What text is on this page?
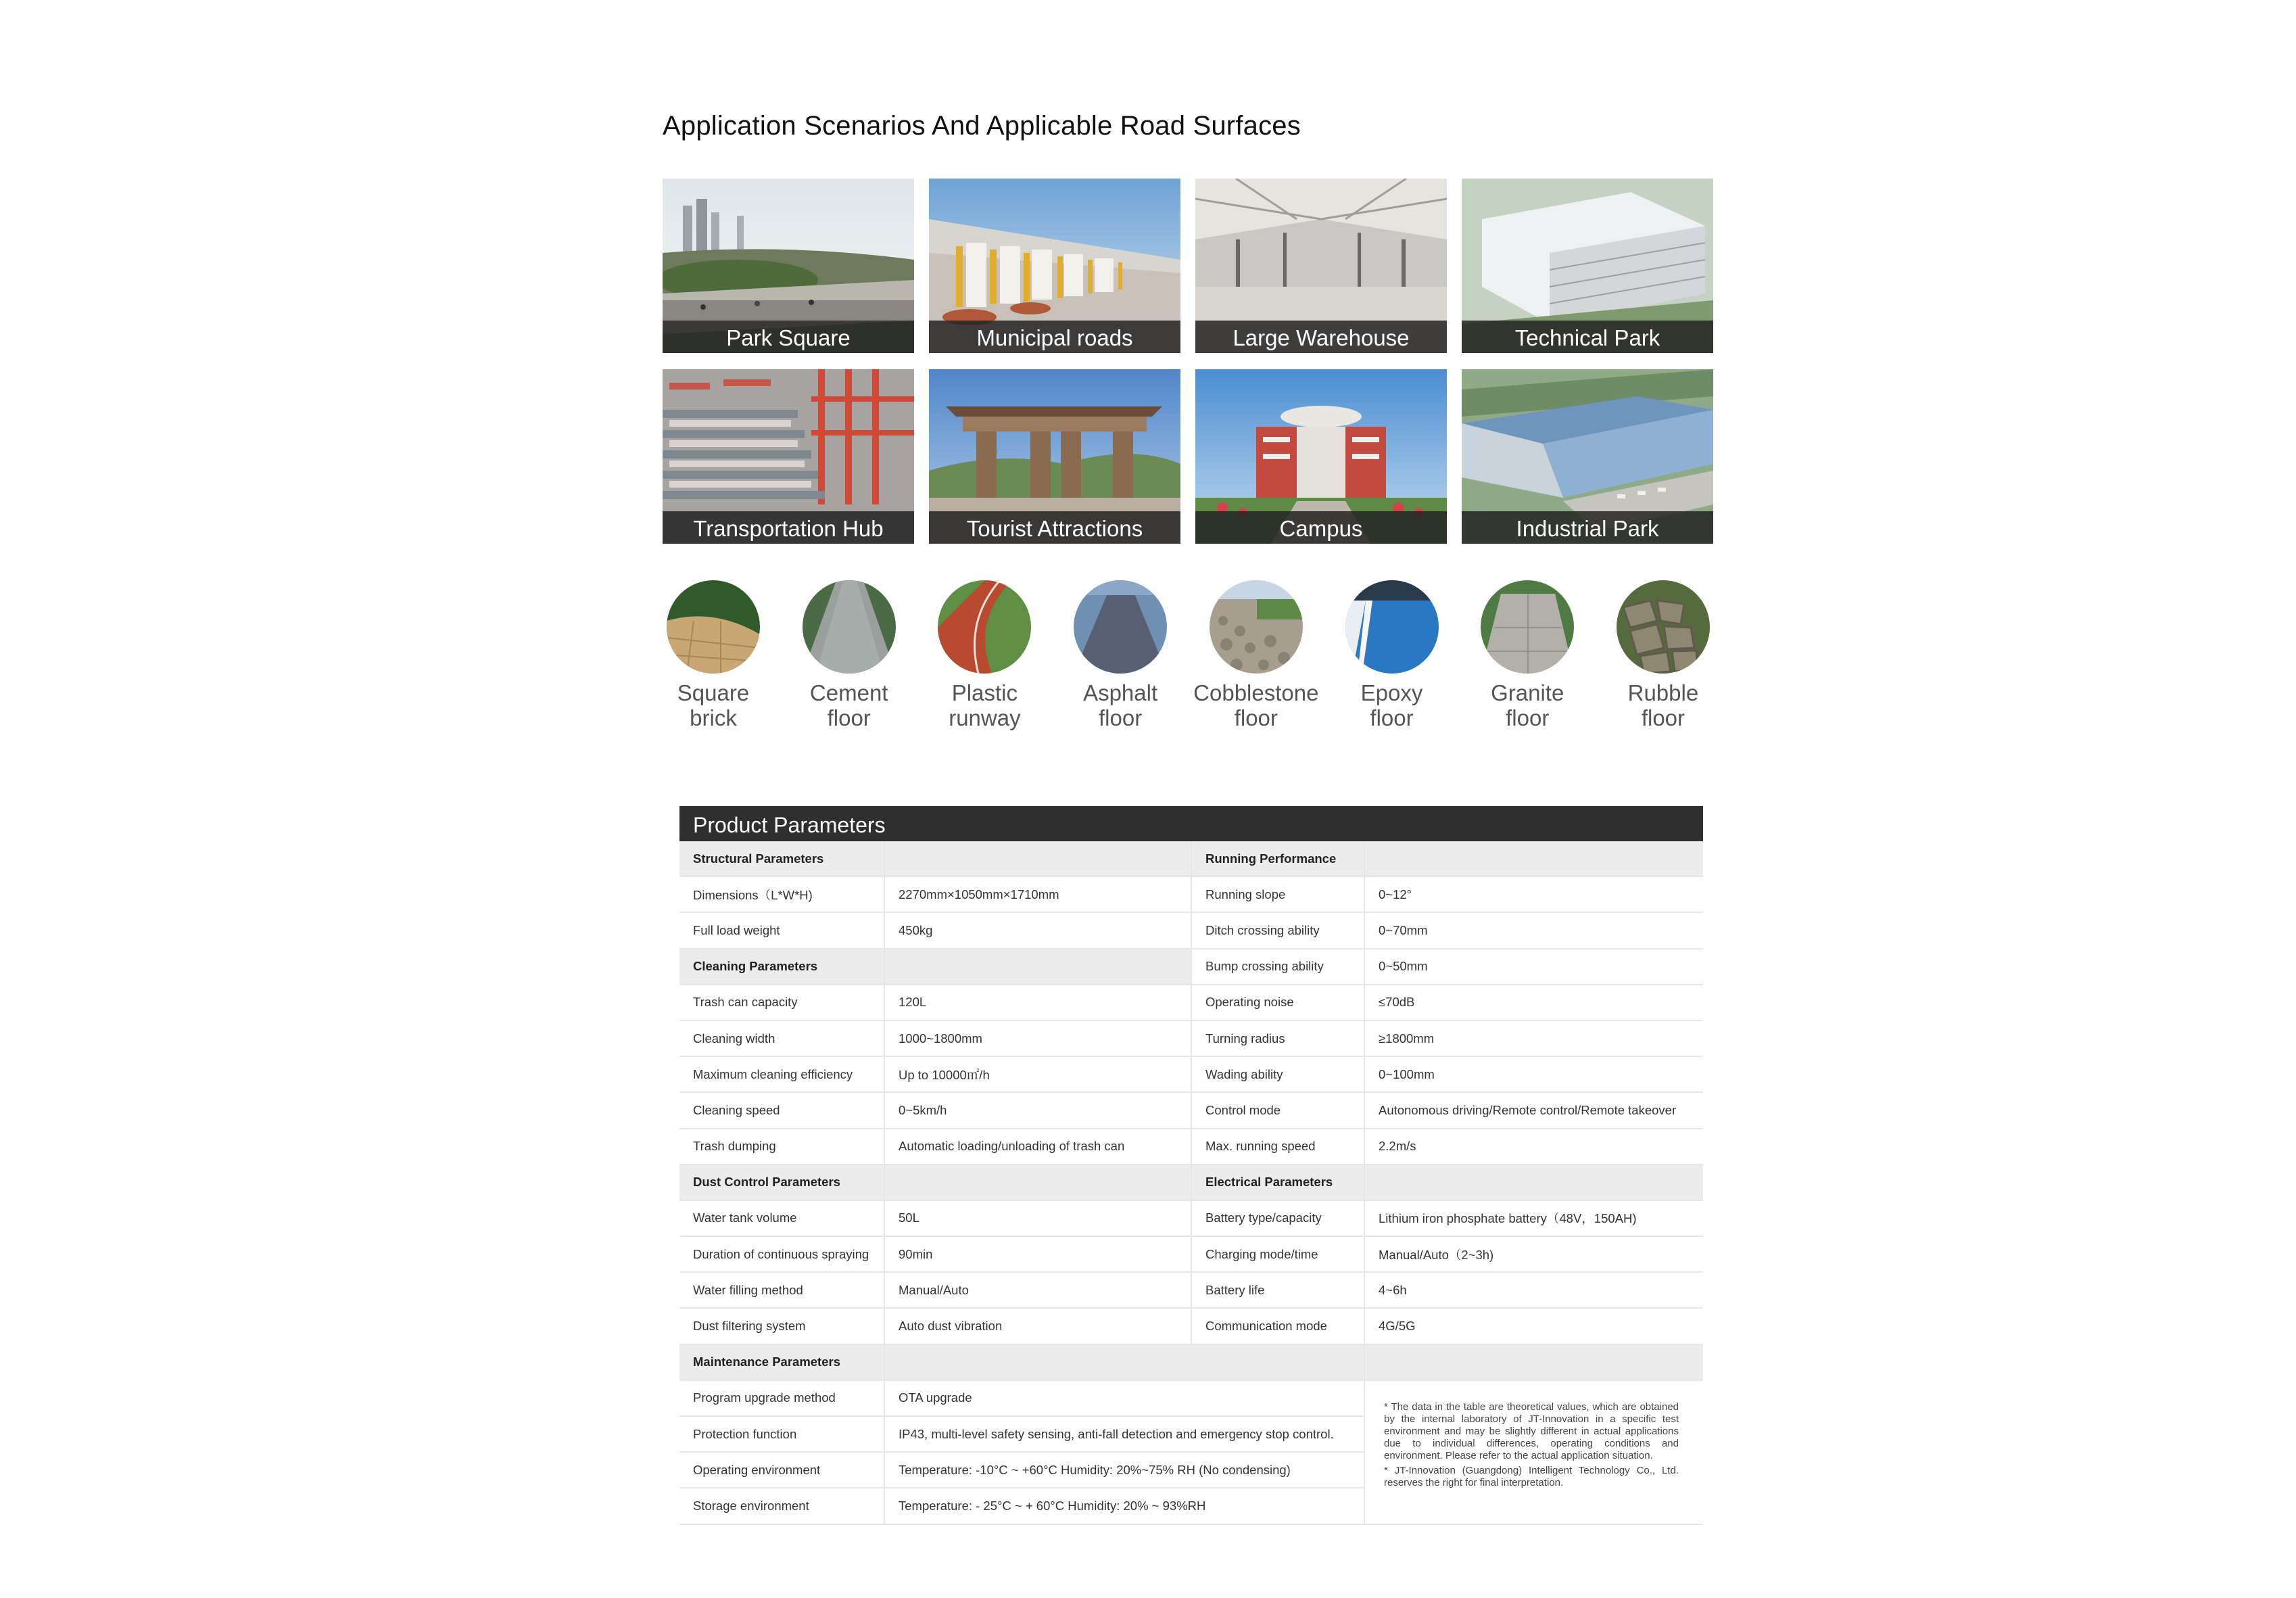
Application Scenarios And Applicable Road Surfaces
Park Square	Municipal roads	Large Warehouse	Technical Park
Transportation Hub	Tourist Attractions	Campus	Industrial Park
Square
brick
Cement
floor
Plastic
runway
Asphalt
floor
Cobblestone
floor
Epoxy
floor
Granite
floor
Rubble
floor
Product Parameters
Structural Parameters		Running Performance	
Dimensions（L*W*H)	2270mm×1050mm×1710mm	Running slope	0~12°
Full load weight	450kg	Ditch crossing ability	0~70mm
Cleaning Parameters		Bump crossing ability	0~50mm
Trash can capacity	120L	Operating noise	≤70dB
Cleaning width	1000~1800mm	Turning radius	≥1800mm
Maximum cleaning efficiency	Up to 10000㎡/h	Wading ability	0~100mm
Cleaning speed	0~5km/h	Control mode	Autonomous driving/Remote control/Remote takeover
Trash dumping	Automatic loading/unloading of trash can	Max. running speed	2.2m/s
Dust Control Parameters		Electrical Parameters	
Water tank volume	50L	Battery type/capacity	Lithium iron phosphate battery（48V，150AH)
Duration of continuous spraying	90min	Charging mode/time	Manual/Auto（2~3h)
Water filling method	Manual/Auto	Battery life	4~6h
Dust filtering system	Auto dust vibration	Communication mode	4G/5G
Maintenance Parameters			
Program upgrade method	OTA upgrade		* The data in the table are theoretical values, which are obtained by the internal laboratory of JT-Innovation in a specific test environment and may be slightly different in actual applications due to individual differences, operating conditions and environment. Please refer to the actual application situation.

* JT-Innovation (Guangdong) Intelligent Technology Co., Ltd. reserves the right for final interpretation.

Protection function	IP43, multi-level safety sensing, anti-fall detection and emergency stop control.		
Operating environment	Temperature: -10°C ~ +60°C Humidity: 20%~75% RH (No condensing)		
Storage environment	Temperature: - 25°C ~ + 60°C Humidity: 20% ~ 93%RH		
